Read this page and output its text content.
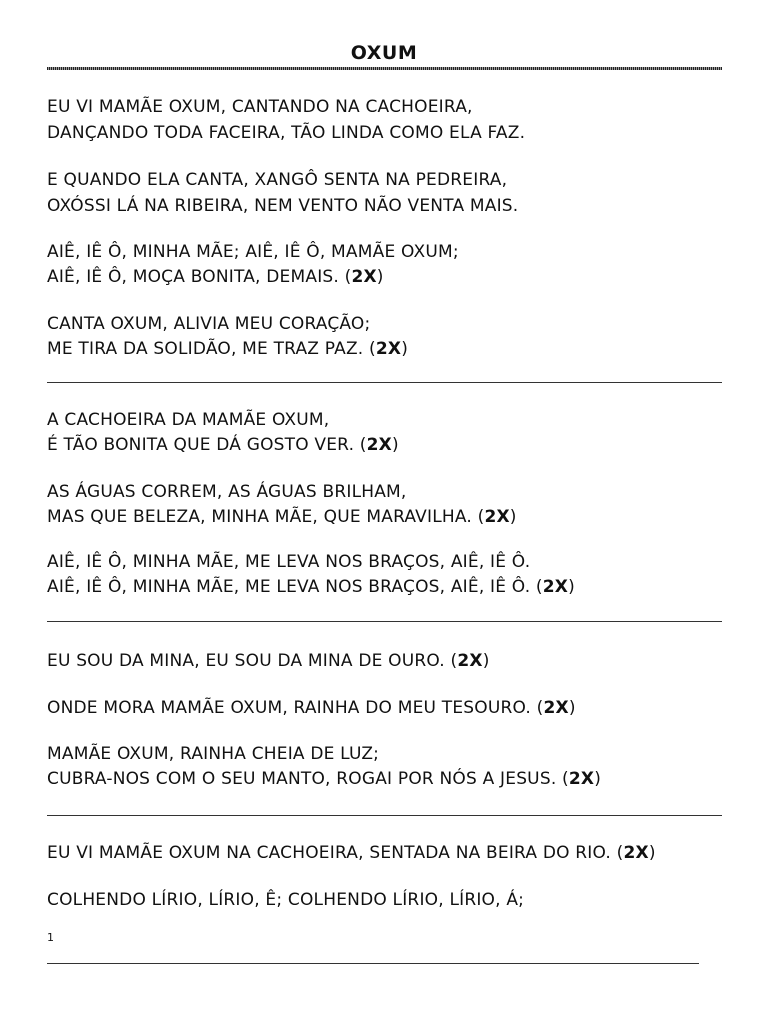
OXUM
EU VI MAMÃE OXUM, CANTANDO NA CACHOEIRA,
DANÇANDO TODA FACEIRA, TÃO LINDA COMO ELA FAZ.
E QUANDO ELA CANTA, XANGÔ SENTA NA PEDREIRA,
OXÓSSI LÁ NA RIBEIRA, NEM VENTO NÃO VENTA MAIS.
AIÊ, IÊ Ô, MINHA MÃE; AIÊ, IÊ Ô, MAMÃE OXUM;
AIÊ, IÊ Ô, MOÇA BONITA, DEMAIS. (2X)
CANTA OXUM, ALIVIA MEU CORAÇÃO;
ME TIRA DA SOLIDÃO, ME TRAZ PAZ. (2X)
A CACHOEIRA DA MAMÃE OXUM,
É TÃO BONITA QUE DÁ GOSTO VER. (2X)
AS ÁGUAS CORREM, AS ÁGUAS BRILHAM,
MAS QUE BELEZA, MINHA MÃE, QUE MARAVILHA. (2X)
AIÊ, IÊ Ô, MINHA MÃE, ME LEVA NOS BRAÇOS, AIÊ, IÊ Ô.
AIÊ, IÊ Ô, MINHA MÃE, ME LEVA NOS BRAÇOS, AIÊ, IÊ Ô. (2X)
EU SOU DA MINA, EU SOU DA MINA DE OURO. (2X)
ONDE MORA MAMÃE OXUM, RAINHA DO MEU TESOURO. (2X)
MAMÃE OXUM, RAINHA CHEIA DE LUZ;
CUBRA-NOS COM O SEU MANTO, ROGAI POR NÓS A JESUS. (2X)
EU VI MAMÃE OXUM NA CACHOEIRA, SENTADA NA BEIRA DO RIO. (2X)
COLHENDO LÍRIO, LÍRIO, Ê; COLHENDO LÍRIO, LÍRIO, Á;
1
